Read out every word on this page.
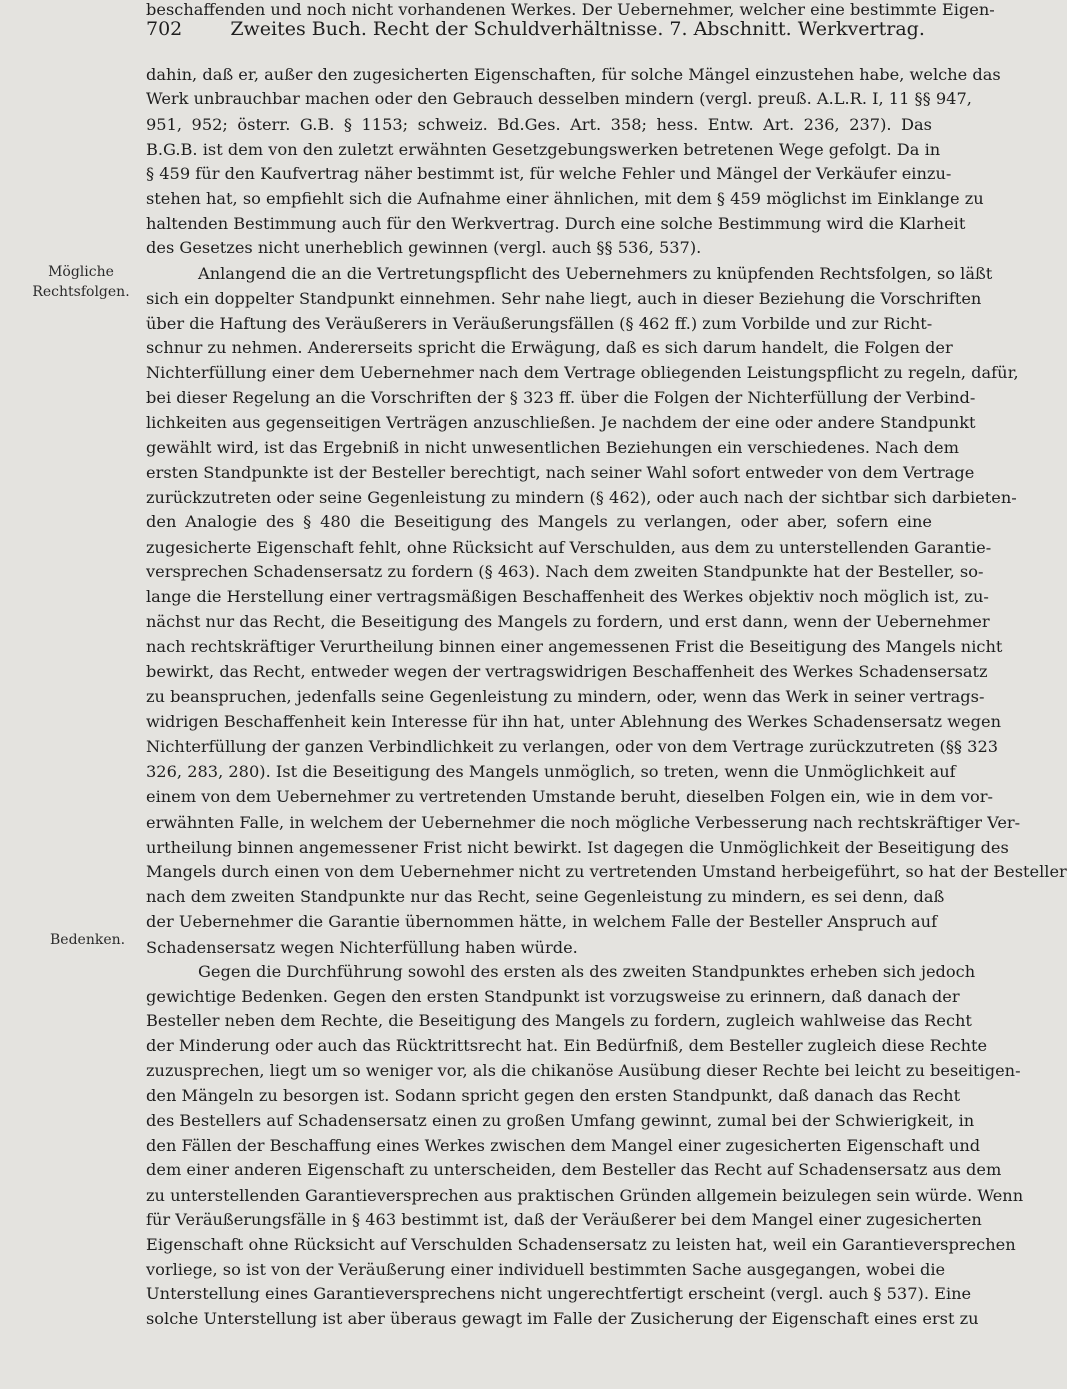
702	Zweites Buch. Recht der Schuldverhältnisse. 7. Abschnitt. Werkvertrag.
Mögliche
Rechtsfolgen.
Bedenken.
dahin, daß er, außer den zugesicherten Eigenschaften, für solche Mängel einzustehen habe, welche das
Werk unbrauchbar machen oder den Gebrauch desselben mindern (vergl. preuß. A.L.R. I, 11 §§ 947,
951, 952; österr. G.B. § 1153; schweiz. Bd.Ges. Art. 358; hess. Entw. Art. 236, 237). Das
B.G.B. ist dem von den zuletzt erwähnten Gesetzgebungswerken betretenen Wege gefolgt. Da in
§ 459 für den Kaufvertrag näher bestimmt ist, für welche Fehler und Mängel der Verkäufer einzu-
stehen hat, so empfiehlt sich die Aufnahme einer ähnlichen, mit dem § 459 möglichst im Einklange zu
haltenden Bestimmung auch für den Werkvertrag. Durch eine solche Bestimmung wird die Klarheit
des Gesetzes nicht unerheblich gewinnen (vergl. auch §§ 536, 537).
Anlangend die an die Vertretungspflicht des Uebernehmers zu knüpfenden Rechtsfolgen, so läßt
sich ein doppelter Standpunkt einnehmen. Sehr nahe liegt, auch in dieser Beziehung die Vorschriften
über die Haftung des Veräußerers in Veräußerungsfällen (§ 462 ff.) zum Vorbilde und zur Richt-
schnur zu nehmen. Andererseits spricht die Erwägung, daß es sich darum handelt, die Folgen der
Nichterfüllung einer dem Uebernehmer nach dem Vertrage obliegenden Leistungspflicht zu regeln, dafür,
bei dieser Regelung an die Vorschriften der § 323 ff. über die Folgen der Nichterfüllung der Verbind-
lichkeiten aus gegenseitigen Verträgen anzuschließen. Je nachdem der eine oder andere Standpunkt
gewählt wird, ist das Ergebniß in nicht unwesentlichen Beziehungen ein verschiedenes. Nach dem
ersten Standpunkte ist der Besteller berechtigt, nach seiner Wahl sofort entweder von dem Vertrage
zurückzutreten oder seine Gegenleistung zu mindern (§ 462), oder auch nach der sichtbar sich darbieten-
den Analogie des § 480 die Beseitigung des Mangels zu verlangen, oder aber, sofern eine
zugesicherte Eigenschaft fehlt, ohne Rücksicht auf Verschulden, aus dem zu unterstellenden Garantie-
versprechen Schadensersatz zu fordern (§ 463). Nach dem zweiten Standpunkte hat der Besteller, so-
lange die Herstellung einer vertragsmäßigen Beschaffenheit des Werkes objektiv noch möglich ist, zu-
nächst nur das Recht, die Beseitigung des Mangels zu fordern, und erst dann, wenn der Uebernehmer
nach rechtskräftiger Verurtheilung binnen einer angemessenen Frist die Beseitigung des Mangels nicht
bewirkt, das Recht, entweder wegen der vertragswidrigen Beschaffenheit des Werkes Schadensersatz
zu beanspruchen, jedenfalls seine Gegenleistung zu mindern, oder, wenn das Werk in seiner vertrags-
widrigen Beschaffenheit kein Interesse für ihn hat, unter Ablehnung des Werkes Schadensersatz wegen
Nichterfüllung der ganzen Verbindlichkeit zu verlangen, oder von dem Vertrage zurückzutreten (§§ 323
326, 283, 280). Ist die Beseitigung des Mangels unmöglich, so treten, wenn die Unmöglichkeit auf
einem von dem Uebernehmer zu vertretenden Umstande beruht, dieselben Folgen ein, wie in dem vor-
erwähnten Falle, in welchem der Uebernehmer die noch mögliche Verbesserung nach rechtskräftiger Ver-
urtheilung binnen angemessener Frist nicht bewirkt. Ist dagegen die Unmöglichkeit der Beseitigung des
Mangels durch einen von dem Uebernehmer nicht zu vertretenden Umstand herbeigeführt, so hat der Besteller
nach dem zweiten Standpunkte nur das Recht, seine Gegenleistung zu mindern, es sei denn, daß
der Uebernehmer die Garantie übernommen hätte, in welchem Falle der Besteller Anspruch auf
Schadensersatz wegen Nichterfüllung haben würde.
Gegen die Durchführung sowohl des ersten als des zweiten Standpunktes erheben sich jedoch
gewichtige Bedenken. Gegen den ersten Standpunkt ist vorzugsweise zu erinnern, daß danach der
Besteller neben dem Rechte, die Beseitigung des Mangels zu fordern, zugleich wahlweise das Recht
der Minderung oder auch das Rücktrittsrecht hat. Ein Bedürfniß, dem Besteller zugleich diese Rechte
zuzusprechen, liegt um so weniger vor, als die chikanöse Ausübung dieser Rechte bei leicht zu beseitigen-
den Mängeln zu besorgen ist. Sodann spricht gegen den ersten Standpunkt, daß danach das Recht
des Bestellers auf Schadensersatz einen zu großen Umfang gewinnt, zumal bei der Schwierigkeit, in
den Fällen der Beschaffung eines Werkes zwischen dem Mangel einer zugesicherten Eigenschaft und
dem einer anderen Eigenschaft zu unterscheiden, dem Besteller das Recht auf Schadensersatz aus dem
zu unterstellenden Garantieversprechen aus praktischen Gründen allgemein beizulegen sein würde. Wenn
für Veräußerungsfälle in § 463 bestimmt ist, daß der Veräußerer bei dem Mangel einer zugesicherten
Eigenschaft ohne Rücksicht auf Verschulden Schadensersatz zu leisten hat, weil ein Garantieversprechen
vorliege, so ist von der Veräußerung einer individuell bestimmten Sache ausgegangen, wobei die
Unterstellung eines Garantieversprechens nicht ungerechtfertigt erscheint (vergl. auch § 537). Eine
solche Unterstellung ist aber überaus gewagt im Falle der Zusicherung der Eigenschaft eines erst zu
beschaffenden und noch nicht vorhandenen Werkes. Der Uebernehmer, welcher eine bestimmte Eigen-
